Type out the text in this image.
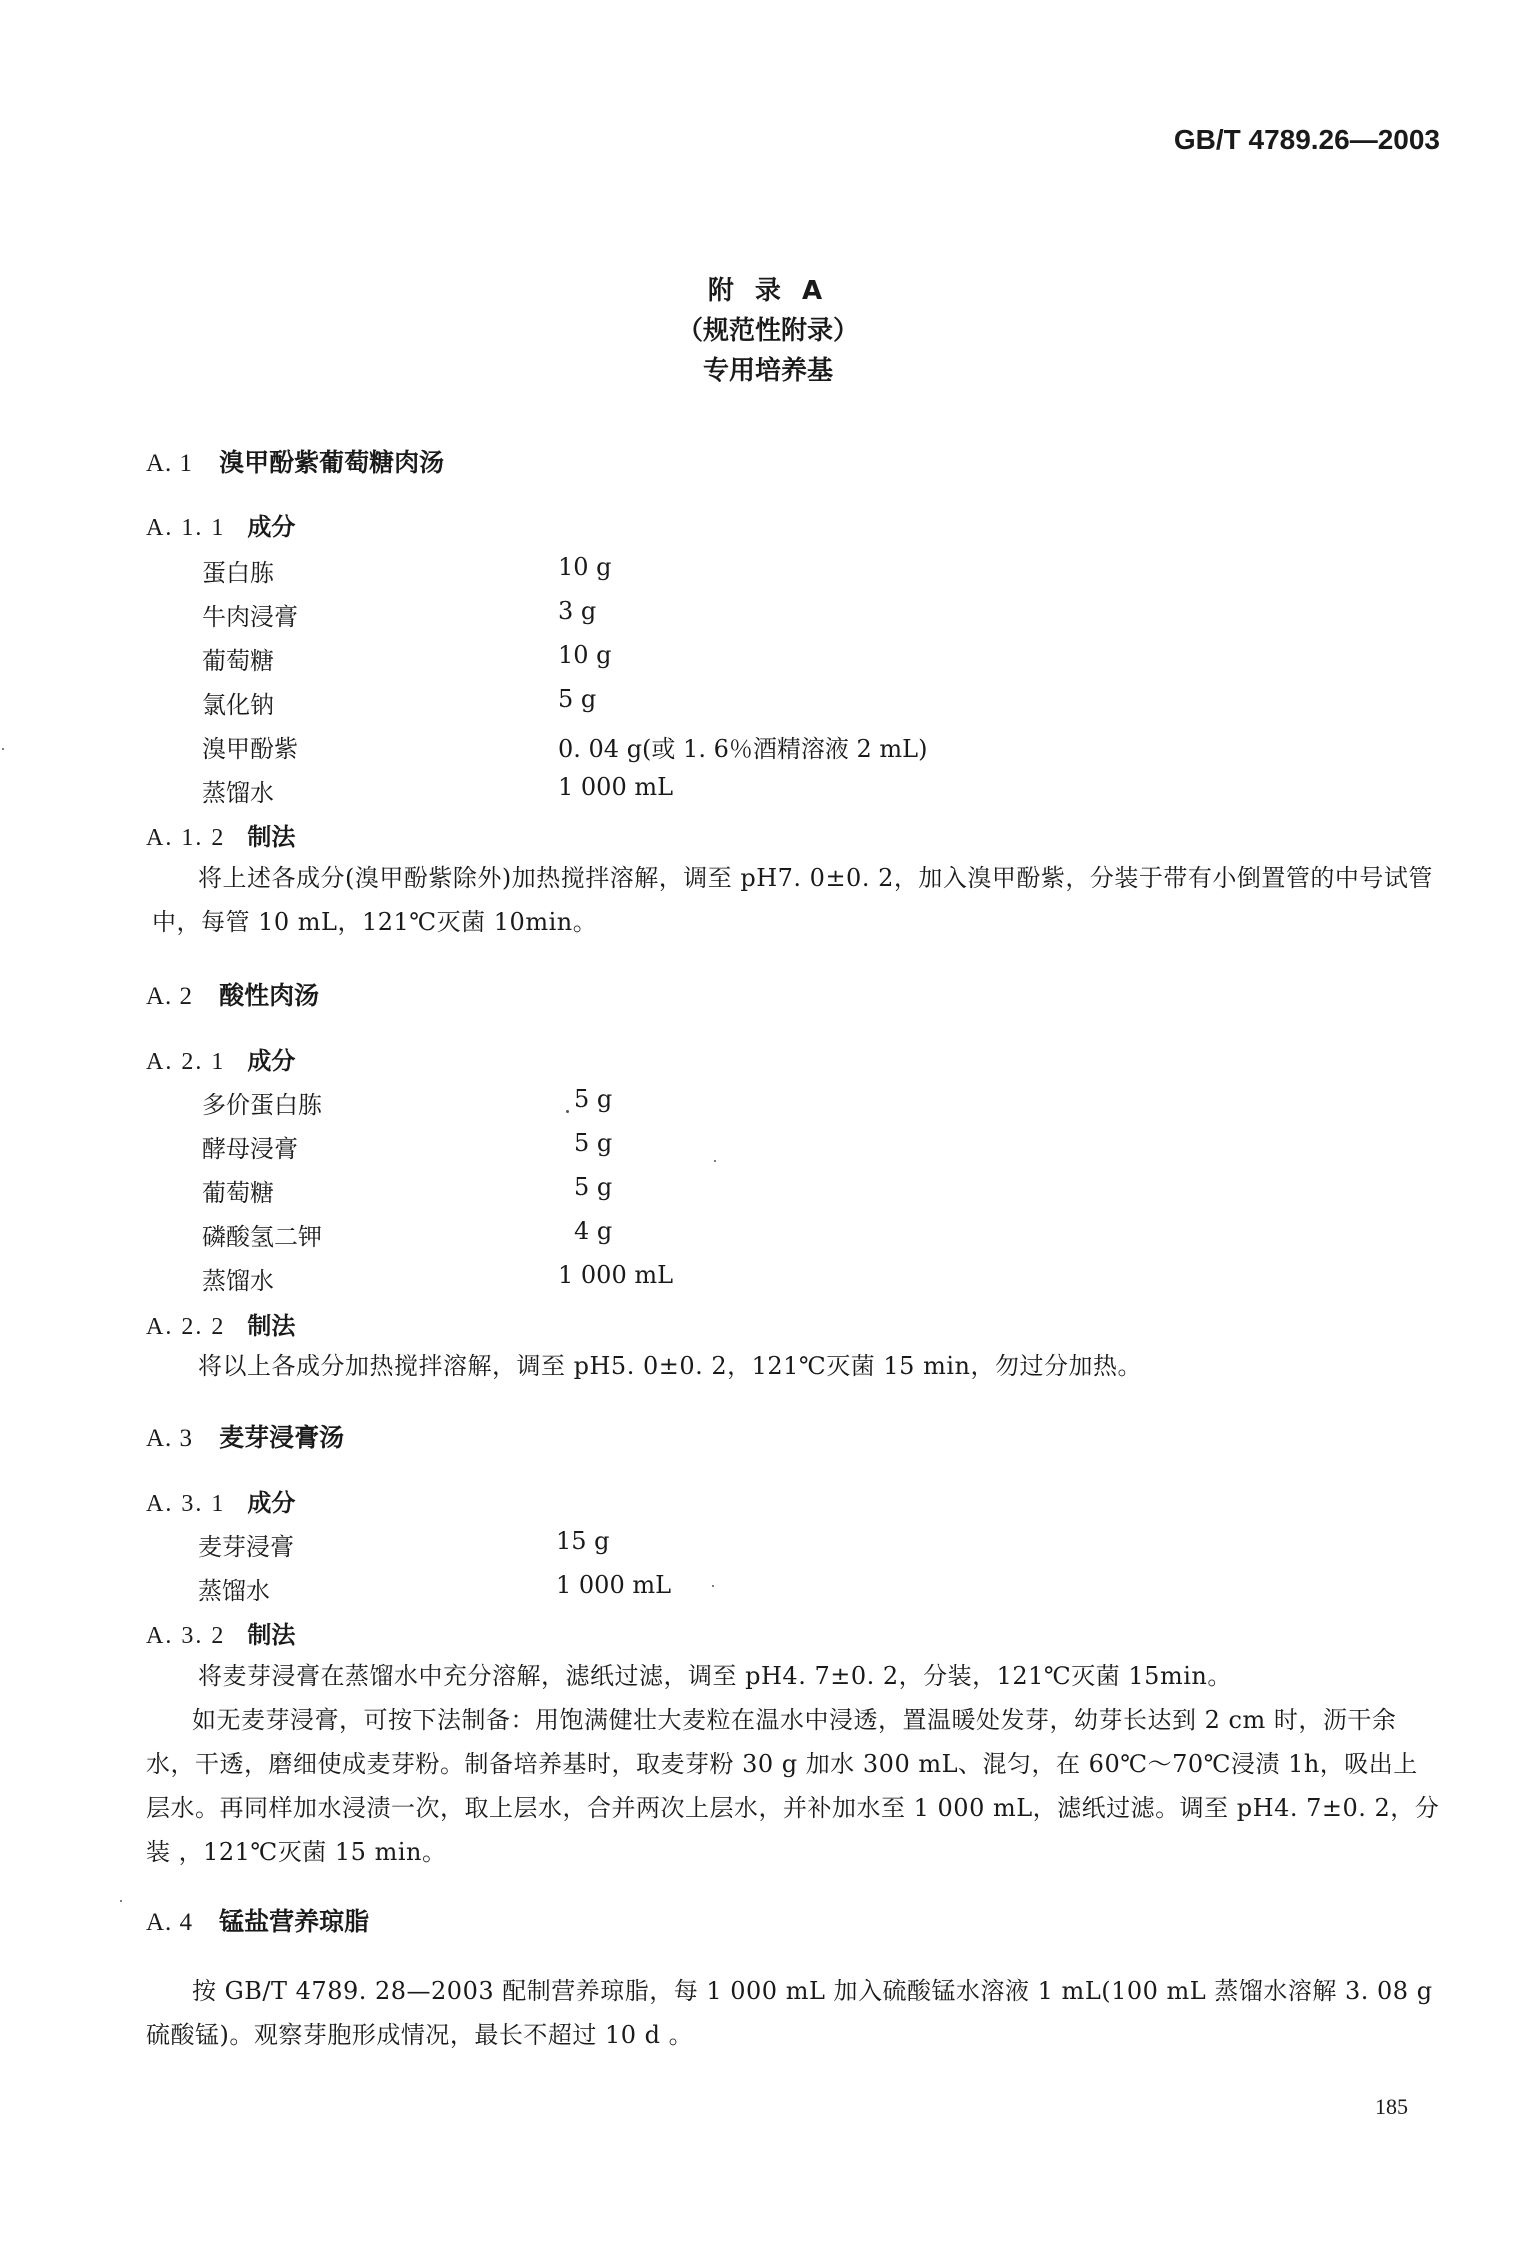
GB/T 4789.26—2003
附 录 A
（规范性附录）
专用培养基
A. 1 溴甲酚紫葡萄糖肉汤
A. 1. 1 成分
蛋白胨	10 g
牛肉浸膏	3 g
葡萄糖	10 g
氯化钠	5 g
溴甲酚紫	0. 04 g(或 1. 6％酒精溶液 2 mL)
蒸馏水	1 000 mL
A. 1. 2 制法
将上述各成分(溴甲酚紫除外)加热搅拌溶解，调至 pH7. 0±0. 2，加入溴甲酚紫，分装于带有小倒置管的中号试管中，每管 10 mL，121℃灭菌 10min。
A. 2 酸性肉汤
A. 2. 1 成分
多价蛋白胨	5 g
酵母浸膏	5 g
葡萄糖	5 g
磷酸氢二钾	4 g
蒸馏水	1 000 mL
A. 2. 2 制法
将以上各成分加热搅拌溶解，调至 pH5. 0±0. 2，121℃灭菌 15 min，勿过分加热。
A. 3 麦芽浸膏汤
A. 3. 1 成分
麦芽浸膏	15 g
蒸馏水	1 000 mL
A. 3. 2 制法
将麦芽浸膏在蒸馏水中充分溶解，滤纸过滤，调至 pH4. 7±0. 2，分装，121℃灭菌 15min。
如无麦芽浸膏，可按下法制备：用饱满健壮大麦粒在温水中浸透，置温暖处发芽，幼芽长达到 2 cm 时，沥干余水，干透，磨细使成麦芽粉。制备培养基时，取麦芽粉 30 g 加水 300 mL、混匀，在 60℃～70℃浸渍 1h，吸出上层水。再同样加水浸渍一次，取上层水，合并两次上层水，并补加水至 1 000 mL，滤纸过滤。调至 pH4. 7±0. 2，分装 ，121℃灭菌 15 min。
A. 4 锰盐营养琼脂
按 GB/T 4789. 28—2003 配制营养琼脂，每 1 000 mL 加入硫酸锰水溶液 1 mL(100 mL 蒸馏水溶解 3. 08 g 硫酸锰)。观察芽胞形成情况，最长不超过 10 d 。
185
